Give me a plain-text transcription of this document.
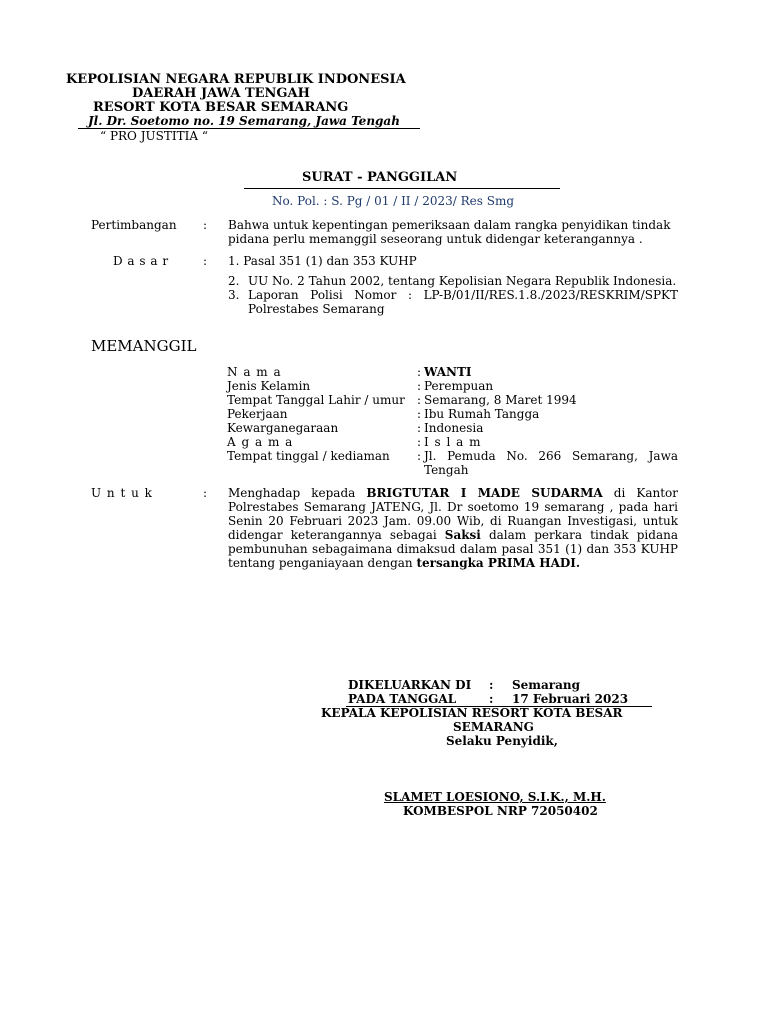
KEPOLISIAN NEGARA REPUBLIK INDONESIA
DAERAH JAWA TENGAH
RESORT KOTA BESAR SEMARANG
Jl. Dr. Soetomo no. 19 Semarang, Jawa Tengah
“ PRO JUSTITIA “
SURAT - PANGGILAN
No. Pol. : S. Pg / 01 / II / 2023/ Res Smg
Pertimbangan : Bahwa untuk kepentingan pemeriksaan dalam rangka penyidikan tindak pidana perlu memanggil seseorang untuk didengar keterangannya .
D a s a r	: 1. Pasal 351 (1) dan 353 KUHP
2. UU No. 2 Tahun 2002, tentang Kepolisian Negara Republik Indonesia.
3. Laporan Polisi Nomor : LP-B/01/II/RES.1.8./2023/RESKRIM/SPKT Polrestabes Semarang
MEMANGGIL
N a m a	: WANTI
Jenis Kelamin	: Perempuan
Tempat Tanggal Lahir / umur : Semarang, 8 Maret 1994
Pekerjaan	: Ibu Rumah Tangga
Kewarganegaraan	: Indonesia
A g a m a	: I s l a m
Tempat tinggal / kediaman : Jl. Pemuda No. 266 Semarang, Jawa Tengah
U n t u k	: Menghadap kepada BRIGTUTAR I MADE SUDARMA di Kantor Polrestabes Semarang JATENG, Jl. Dr soetomo 19 semarang , pada hari Senin 20 Februari 2023 Jam. 09.00 Wib, di Ruangan Investigasi, untuk didengar keterangannya sebagai Saksi dalam perkara tindak pidana pembunuhan sebagaimana dimaksud dalam pasal 351 (1) dan 353 KUHP tentang penganiayaan dengan tersangka PRIMA HADI.
DIKELUARKAN DI : Semarang
PADA TANGGAL	: 17 Februari 2023
KEPALA KEPOLISIAN RESORT KOTA BESAR
SEMARANG
Selaku Penyidik,
SLAMET LOESIONO, S.I.K., M.H.
KOMBESPOL NRP 72050402
